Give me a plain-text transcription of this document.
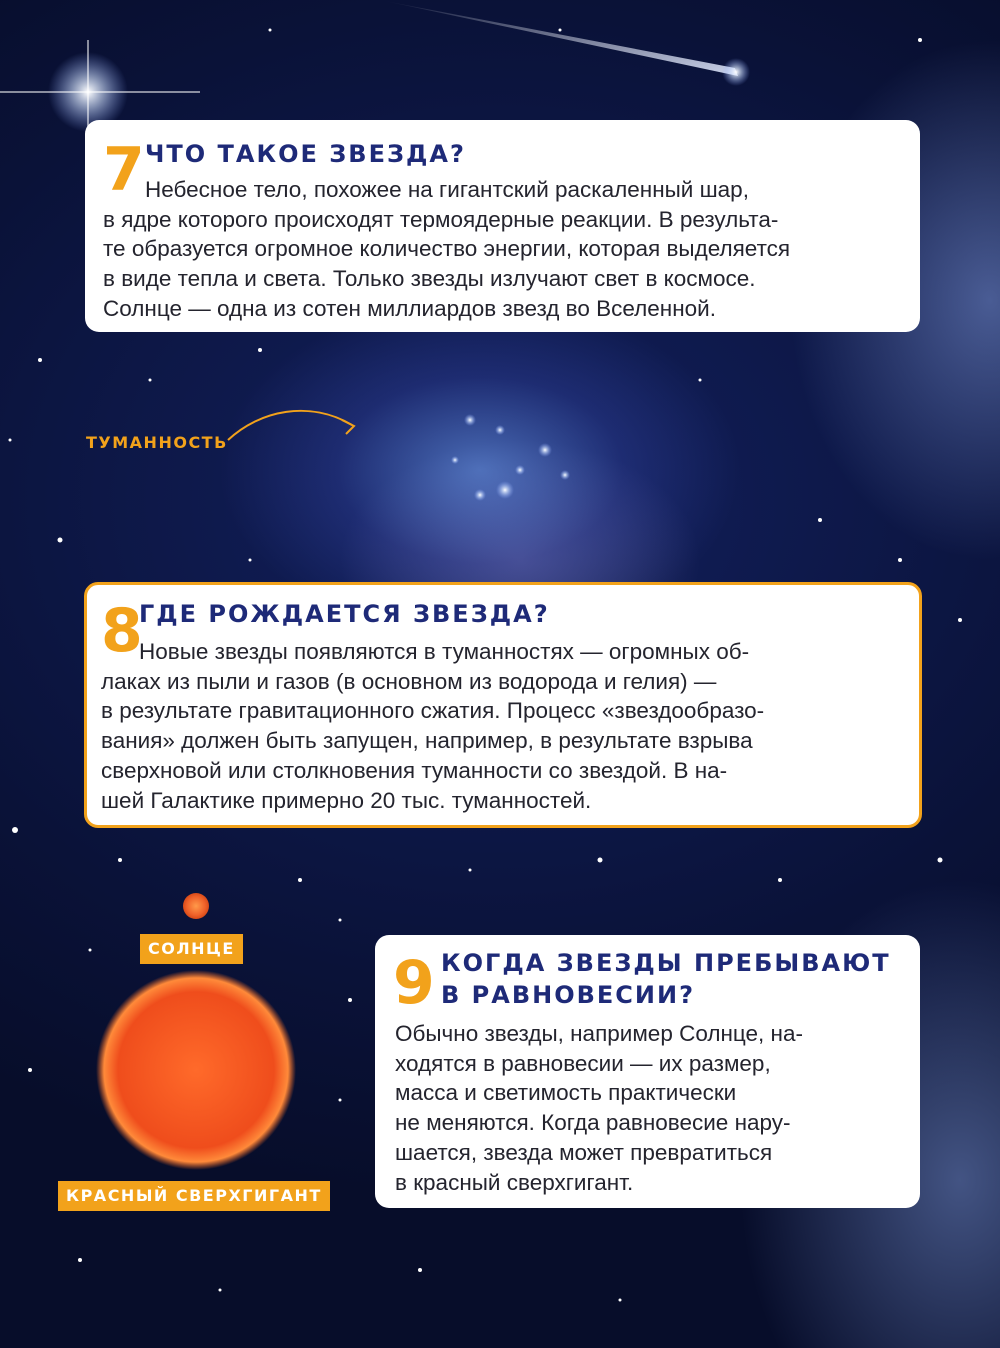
7 ЧТО ТАКОЕ ЗВЕЗДА?
Небесное тело, похожее на гигантский раскаленный шар,
в ядре которого происходят термоядерные реакции. В результа-
те образуется огромное количество энергии, которая выделяется
в виде тепла и света. Только звезды излучают свет в космосе.
Солнце — одна из сотен миллиардов звезд во Вселенной.
ТУМАННОСТЬ
8
ГДЕ РОЖДАЕТСЯ ЗВЕЗДА?
Новые звезды появляются в туманностях — огромных об-
лаках из пыли и газов (в основном из водорода и гелия) —
в результате гравитационного сжатия. Процесс «звездообразо-
вания» должен быть запущен, например, в результате взрыва
сверхновой или столкновения туманности со звездой. В на-
шей Галактике примерно 20 тыс. туманностей.
СОЛНЦЕ
КРАСНЫЙ СВЕРХГИГАНТ
9 КОГДА ЗВЕЗДЫ ПРЕБЫВАЮТ
В РАВНОВЕСИИ?
Обычно звезды, например Солнце, на-
ходятся в равновесии — их размер,
масса и светимость практически
не меняются. Когда равновесие нару-
шается, звезда может превратиться
в красный сверхгигант.
